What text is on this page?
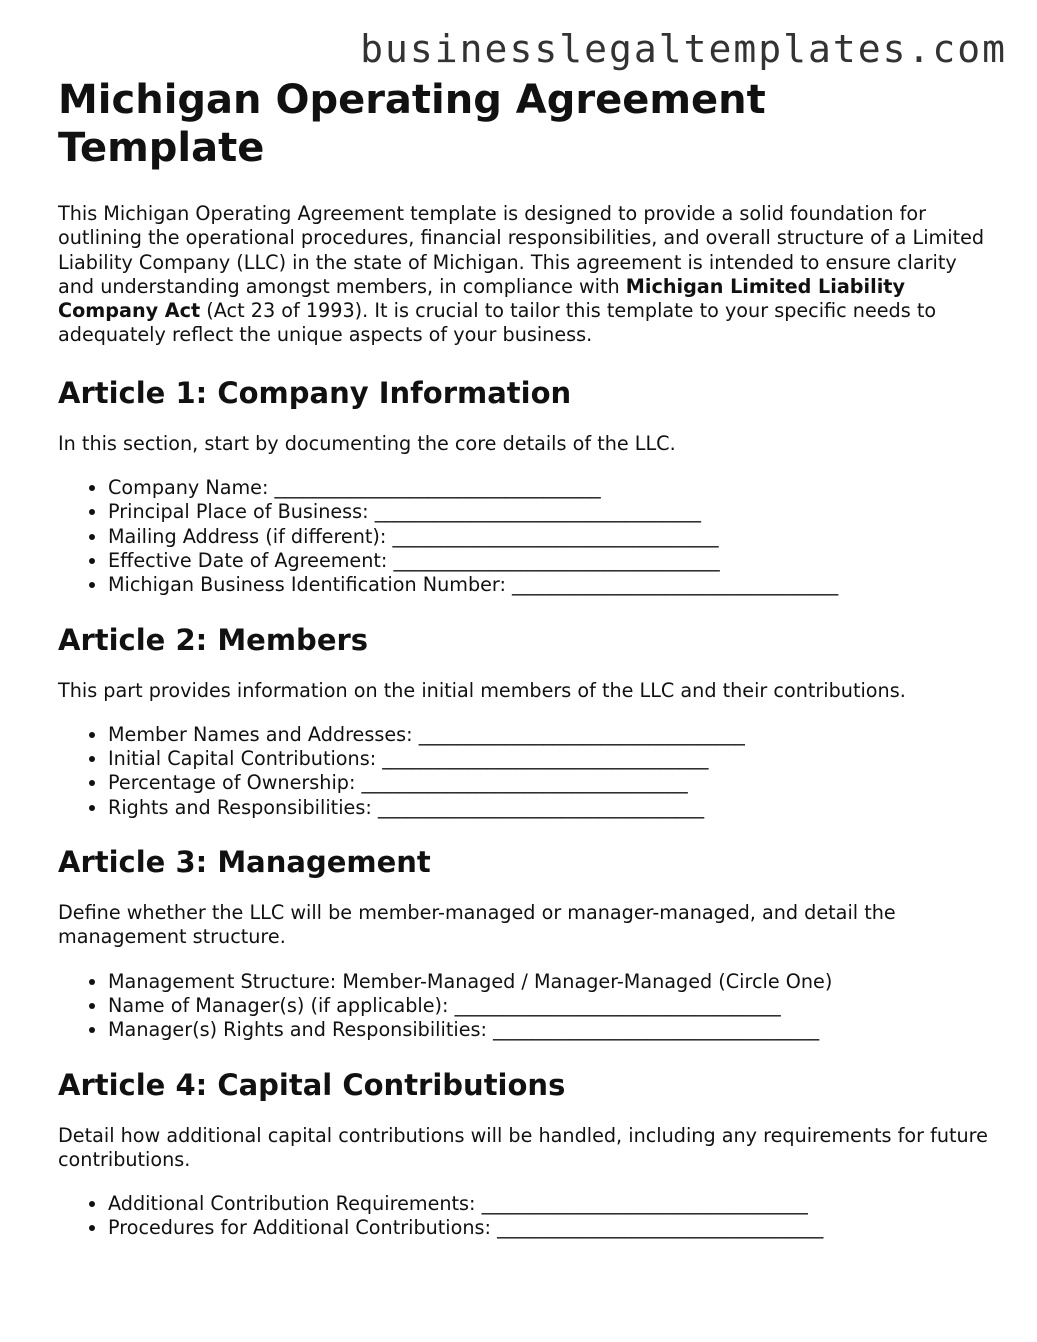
businesslegaltemplates.com
Michigan Operating Agreement Template

This Michigan Operating Agreement template is designed to provide a solid foundation for outlining the operational procedures, financial responsibilities, and overall structure of a Limited Liability Company (LLC) in the state of Michigan. This agreement is intended to ensure clarity and understanding amongst members, in compliance with Michigan Limited Liability Company Act (Act 23 of 1993). It is crucial to tailor this template to your specific needs to adequately reflect the unique aspects of your business.

Article 1: Company Information

In this section, start by documenting the core details of the LLC.

• Company Name: __________________________________
• Principal Place of Business: __________________________________
• Mailing Address (if different): __________________________________
• Effective Date of Agreement: __________________________________
• Michigan Business Identification Number: __________________________________
Article 2: Members

This part provides information on the initial members of the LLC and their contributions.

• Member Names and Addresses: __________________________________
• Initial Capital Contributions: __________________________________
• Percentage of Ownership: __________________________________
• Rights and Responsibilities: __________________________________
Article 3: Management

Define whether the LLC will be member-managed or manager-managed, and detail the management structure.

• Management Structure: Member-Managed / Manager-Managed (Circle One)
• Name of Manager(s) (if applicable): __________________________________
• Manager(s) Rights and Responsibilities: __________________________________
Article 4: Capital Contributions

Detail how additional capital contributions will be handled, including any requirements for future contributions.

• Additional Contribution Requirements: __________________________________
• Procedures for Additional Contributions: __________________________________
